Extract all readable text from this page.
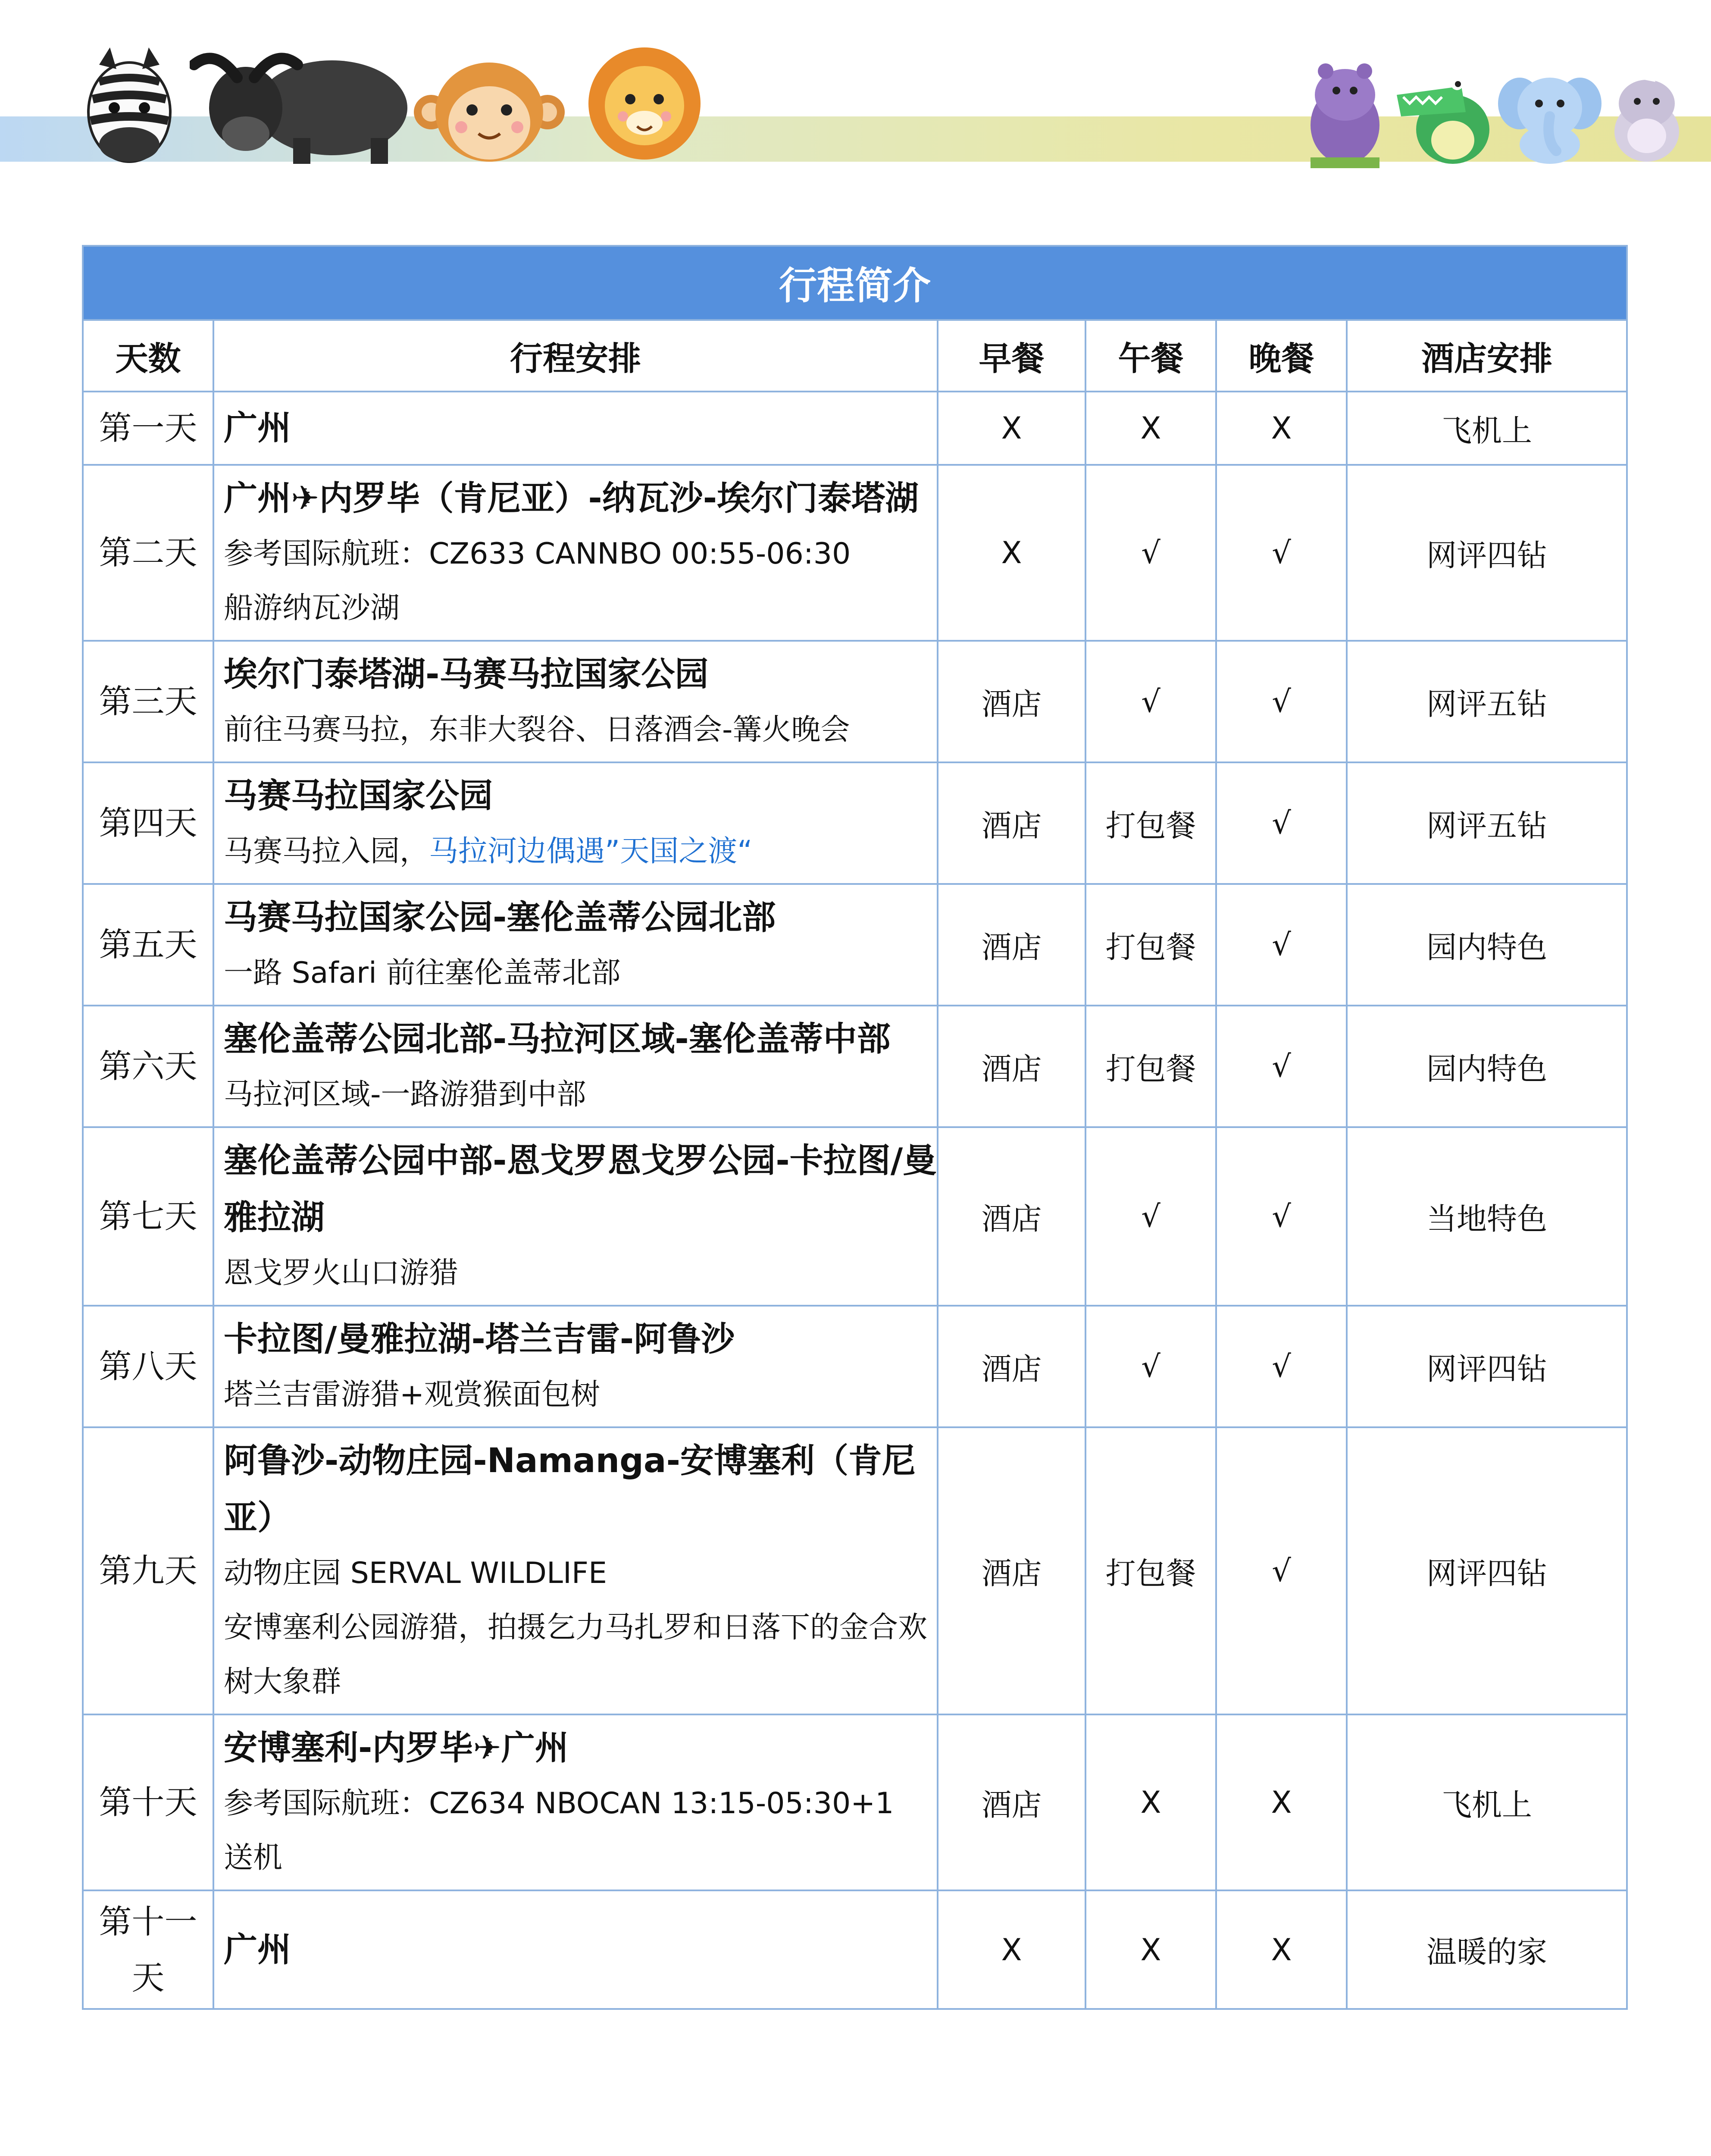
行程简介					
天数	行程安排	早餐	午餐	晚餐	酒店安排
第一天	广州	X	X	X	飞机上
第二天	广州✈内罗毕（肯尼亚）-纳瓦沙-埃尔门泰塔湖
参考国际航班：CZ633 CANNBO 00:55-06:30
船游纳瓦沙湖	X	√	√	网评四钻
第三天	埃尔门泰塔湖-马赛马拉国家公园
前往马赛马拉，东非大裂谷、日落酒会-篝火晚会	酒店	√	√	网评五钻
第四天	马赛马拉国家公园
马赛马拉入园，马拉河边偶遇”天国之渡“	酒店	打包餐	√	网评五钻
第五天	马赛马拉国家公园-塞伦盖蒂公园北部
一路 Safari 前往塞伦盖蒂北部	酒店	打包餐	√	园内特色
第六天	塞伦盖蒂公园北部-马拉河区域-塞伦盖蒂中部
马拉河区域-一路游猎到中部	酒店	打包餐	√	园内特色
第七天	塞伦盖蒂公园中部-恩戈罗恩戈罗公园-卡拉图/曼雅拉湖
恩戈罗火山口游猎	酒店	√	√	当地特色
第八天	卡拉图/曼雅拉湖-塔兰吉雷-阿鲁沙
塔兰吉雷游猎+观赏猴面包树	酒店	√	√	网评四钻
第九天	阿鲁沙-动物庄园-Namanga-安博塞利（肯尼亚）
动物庄园 SERVAL WILDLIFE
安博塞利公园游猎，拍摄乞力马扎罗和日落下的金合欢树大象群	酒店	打包餐	√	网评四钻
第十天	安博塞利-内罗毕✈广州
参考国际航班：CZ634 NBOCAN 13:15-05:30+1
送机	酒店	X	X	飞机上
第十一天	广州	X	X	X	温暖的家
